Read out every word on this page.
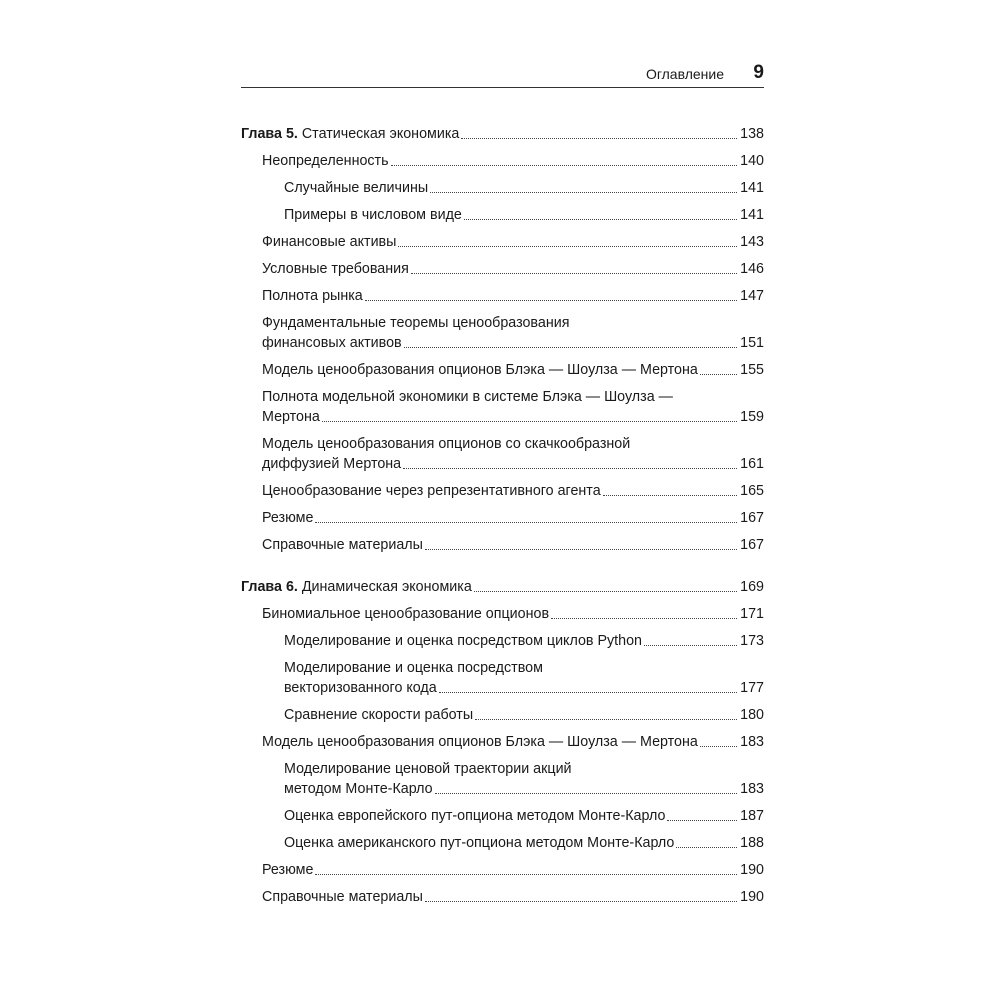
Оглавление 9
Глава 5. Статическая экономика	138
Неопределенность	140
Случайные величины	141
Примеры в числовом виде	141
Финансовые активы	143
Условные требования	146
Полнота рынка	147
Фундаментальные теоремы ценообразования
финансовых активов	151
Модель ценообразования опционов Блэка — Шоулза — Мертона	155
Полнота модельной экономики в системе Блэка — Шоулза —
Мертона	159
Модель ценообразования опционов со скачкообразной
диффузией Мертона	161
Ценообразование через репрезентативного агента	165
Резюме	167
Справочные материалы	167
Глава 6. Динамическая экономика	169
Биномиальное ценообразование опционов	171
Моделирование и оценка посредством циклов Python	173
Моделирование и оценка посредством
векторизованного кода	177
Сравнение скорости работы	180
Модель ценообразования опционов Блэка — Шоулза — Мертона	183
Моделирование ценовой траектории акций
методом Монте-Карло	183
Оценка европейского пут-опциона методом Монте-Карло	187
Оценка американского пут-опциона методом Монте-Карло	188
Резюме	190
Справочные материалы	190
